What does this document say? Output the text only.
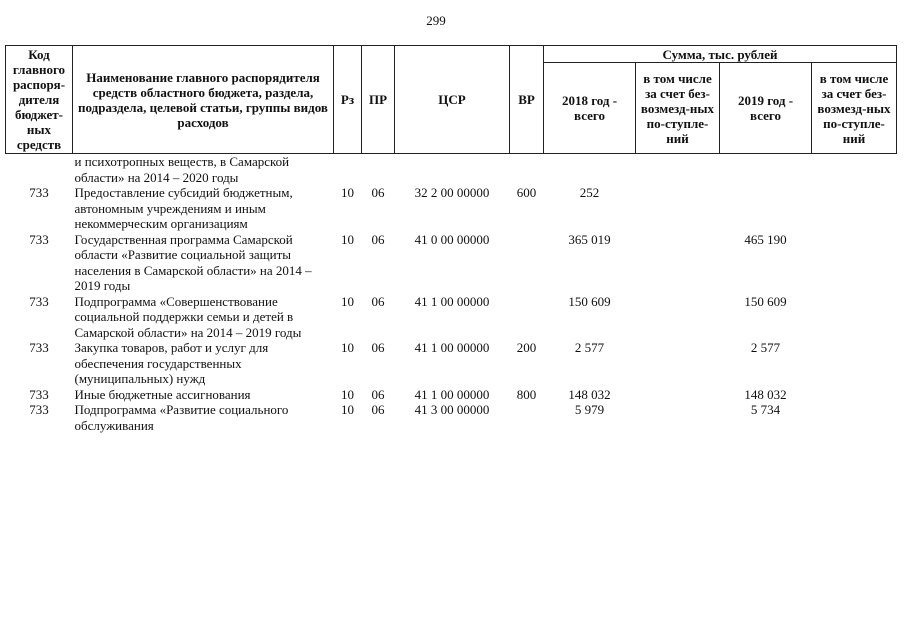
299
Код главного распоря-дителя бюджет-ных средств	Наименование главного распорядителя средств областного бюджета, раздела, подраздела, целевой статьи, группы видов расходов	Рз	ПР	ЦСР	ВР	Сумма, тыс. рублей			
						2018 год - всего	в том числе за счет без-возмезд-ных по-ступле-ний	2019 год - всего	в том числе за счет без-возмезд-ных по-ступле-ний
	и психотропных веществ, в Самарской области» на 2014 – 2020 годы								
733	Предоставление субсидий бюджетным, автономным учреждениям и иным некоммерческим организациям	10	06	32 2 00 00000	600	252			
733	Государственная программа Самарской области «Развитие социальной защиты населения в Самарской области» на 2014 – 2019 годы	10	06	41 0 00 00000		365 019		465 190	
733	Подпрограмма «Совершенствование социальной поддержки семьи и детей в Самарской области» на 2014 – 2019 годы	10	06	41 1 00 00000		150 609		150 609	
733	Закупка товаров, работ и услуг для обеспечения государственных (муниципальных) нужд	10	06	41 1 00 00000	200	2 577		2 577	
733	Иные бюджетные ассигнования	10	06	41 1 00 00000	800	148 032		148 032	
733	Подпрограмма «Развитие социального обслуживания	10	06	41 3 00 00000		5 979		5 734	
